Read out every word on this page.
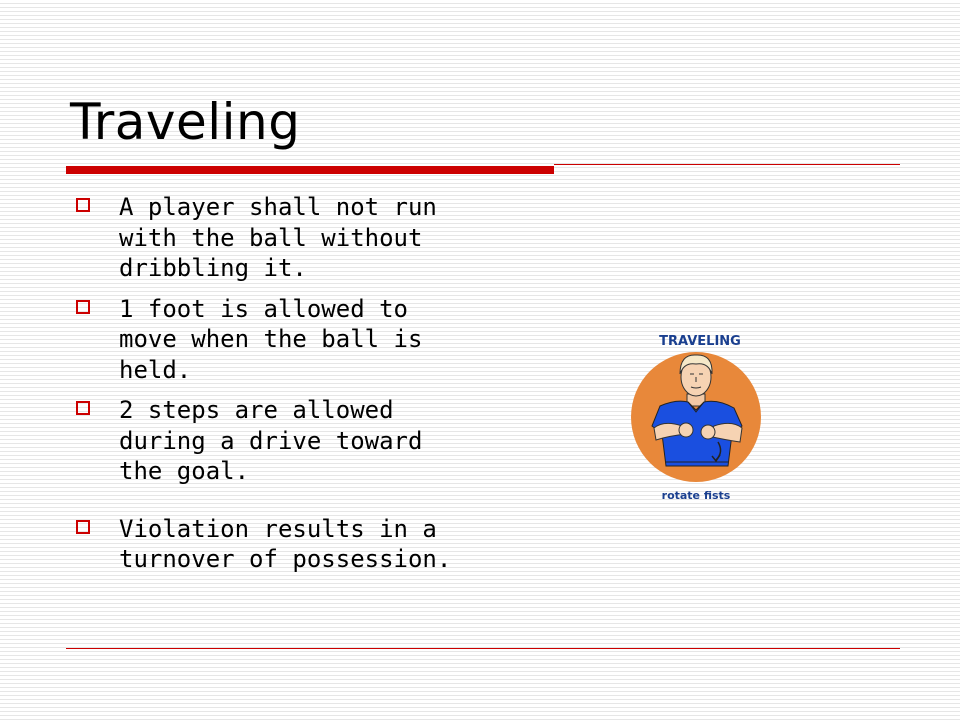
Traveling
A player shall not run with the ball without dribbling it.
1 foot is allowed to move when the ball is held.
2 steps are allowed during a drive toward the goal.
Violation results in a turnover of possession.
TRAVELING
rotate fists
